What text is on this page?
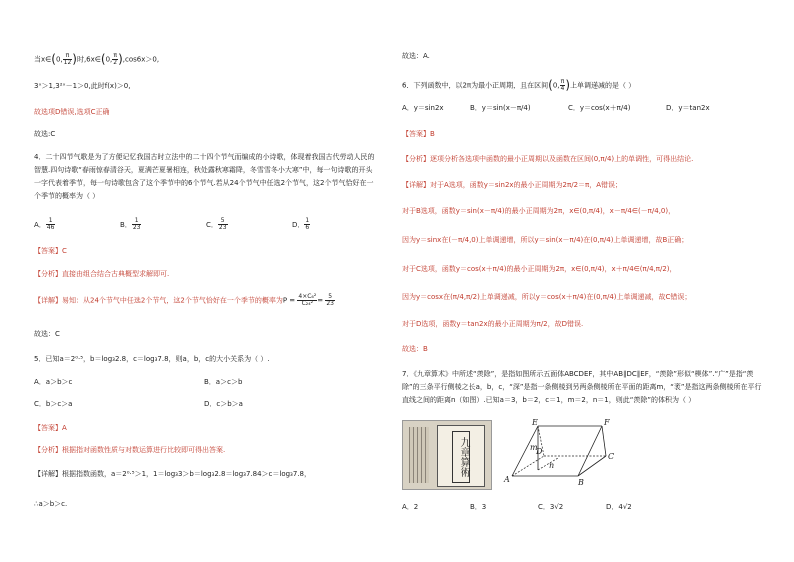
当x∈(0, $\frac{\pi}{12}$ )时,6x∈(0, $\frac{\pi}{2} ),\cos 6x>0$,
3ˣ＞1,3²ˣ－1＞0,此时f(x)＞0,
故选项D错误,选项C正确
故选:C
4．二十四节气歌是为了方便记忆我国古时立法中的二十四个节气而编成的小诗歌，体现着我国古代劳动人民的智慧.四句诗歌“春雨惊春清谷天，夏满芒夏暑相连，秋处露秋寒霜降，冬雪雪冬小大寒”中，每一句诗歌的开头一字代表着季节，每一句诗歌包含了这个季节中的6个节气.若从24个节气中任选2个节气，这2个节气恰好在一个季节的概率为（ ）
A． $\frac{1}{46}$	B． $\frac{1}{23}$	C． $\frac{5}{23}$	D． $\frac{1}{6}$
【答案】C
【分析】直接由组合结合古典概型求解即可.
【详解】易知：从24个节气中任选2个节气，这2个节气恰好在一个季节的概率为$P = \frac{\text{4×C₆²}}{\text{C₂₄²}} = \frac{5}{23}$
故选：C
5．已知a＝2⁰·⁵，b＝log₃2.8，c＝log₃7.8，则a，b，c的大小关系为（ ）.
A．a＞b＞c	B．a＞c＞b
C．b＞c＞a	D．c＞b＞a
【答案】A
【分析】根据指对函数性质与对数运算进行比较即可得出答案.
【详解】根据指数函数，a＝2⁰·⁵＞1，1＝log₃3＞b＝log₃2.8＝log₃7.84＞c＝log₃7.8，
∴a＞b＞c.
故选：A.
6．下列函数中，以2π为最小正周期，且在区间(0, $\frac{\pi}{4}$ )上单调递减的是（ ）
A．y＝sin2x	B．y＝sin(x－π/4)	C．y＝cos(x＋π/4)	D．y＝tan2x
【答案】B
【分析】逐项分析各选项中函数的最小正周期以及函数在区间(0,π/4)上的单调性，可得出结论.
【详解】对于A选项，函数y＝sin2x的最小正周期为2π/2＝π，A错误；
对于B选项，函数y＝sin(x－π/4)的最小正周期为2π，x∈(0,π/4)，x－π/4∈(－π/4,0)，
因为y＝sinx在(－π/4,0)上单调递增，所以y＝sin(x－π/4)在(0,π/4)上单调递增，故B正确；
对于C选项，函数y＝cos(x＋π/4)的最小正周期为2π，x∈(0,π/4)，x＋π/4∈(π/4,π/2)，
因为y＝cosx在(π/4,π/2)上单调递减，所以y＝cos(x＋π/4)在(0,π/4)上单调递减，故C错误；
对于D选项，函数y＝tan2x的最小正周期为π/2，故D错误.
故选：B
7．《九章算术》中所述“羡除”，是指如图所示五面体ABCDEF，其中AB∥DC∥EF，“羡除”形似“楔体”.“广”是指“羡除”的三条平行侧棱之长a，b，c，“深”是指一条侧棱到另两条侧棱所在平面的距离m，“袤”是指这两条侧棱所在平行直线之间的距离n（如图）.已知a＝3，b＝2，c＝1，m＝2，n＝1，则此“羡除”的体积为（ ）
九章算術
E	F
A	B
C
D
m
n
A．2	B．3	C．3√2	D．4√2
